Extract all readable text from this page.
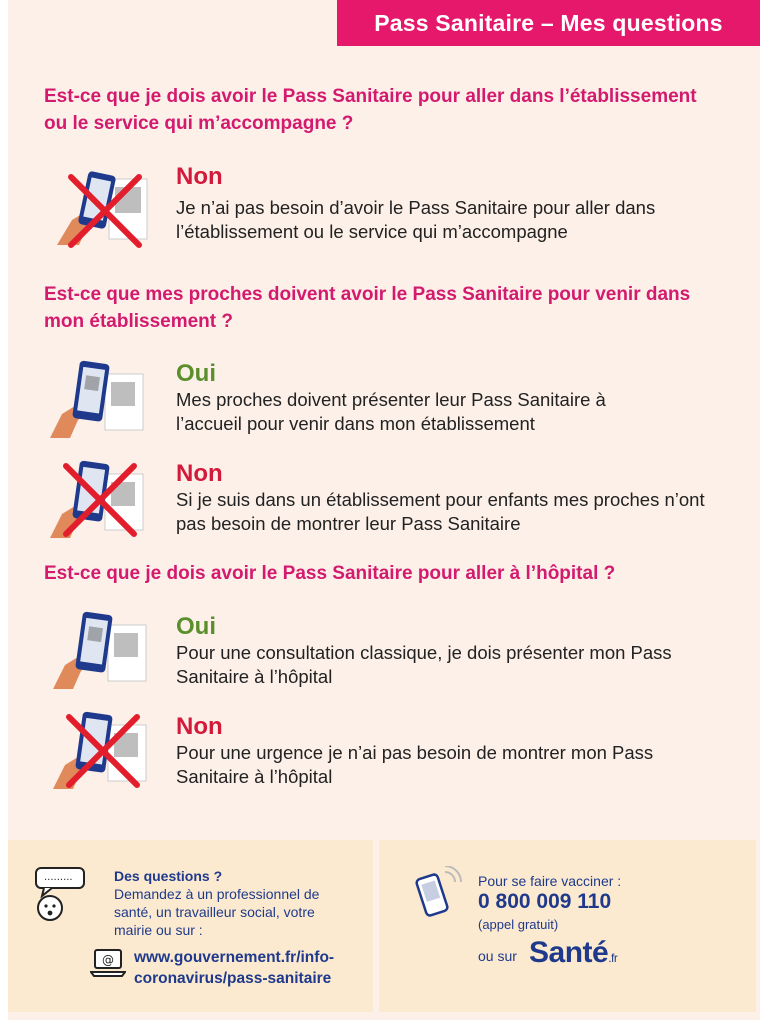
Pass Sanitaire – Mes questions
Est-ce que je dois avoir le Pass Sanitaire pour aller dans l’établissement ou le service qui m’accompagne ?
Non
Je n’ai pas besoin d’avoir le Pass Sanitaire pour aller dans l’établissement ou le service qui m’accompagne
Est-ce que mes proches doivent avoir le Pass Sanitaire pour venir dans mon établissement ?
Oui
Mes proches doivent présenter leur Pass Sanitaire à l’accueil pour venir dans mon établissement
Non
Si je suis dans un établissement pour enfants mes proches n’ont pas besoin de montrer leur Pass Sanitaire
Est-ce que je dois avoir le Pass Sanitaire pour aller à l’hôpital ?
Oui
Pour une consultation classique, je dois présenter mon Pass Sanitaire à l’hôpital
Non
Pour une urgence je n’ai pas besoin de montrer mon Pass Sanitaire à l’hôpital
.........	Des questions ?
Demandez à un professionnel de santé, un travailleur social, votre mairie ou sur :
@ www.gouvernement.fr/info-coronavirus/pass-sanitaire
Pour se faire vacciner :
0 800 009 110
(appel gratuit)
ou sur Santé.fr
